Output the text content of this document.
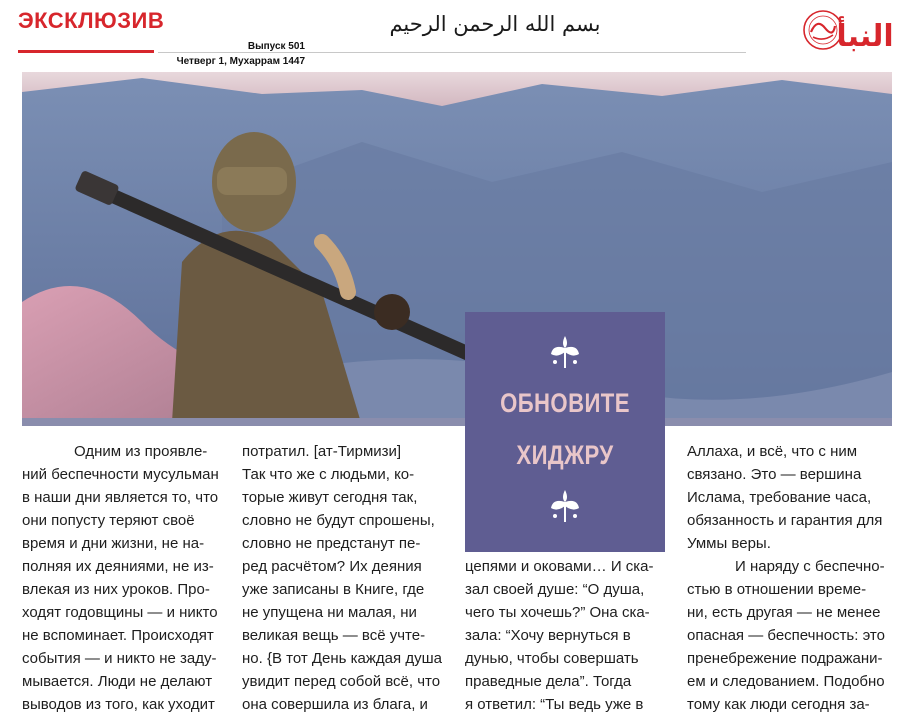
ЭКСКЛЮЗИВ
Выпуск 501
Четверг 1, Мухаррам 1447
بسم الله الرحمن الرحيم	النبأ
ОБНОВИТЕ
ХИДЖРУ
Одним из проявле-
ний беспечности мусульман
в наши дни является то, что
они попусту теряют своё
время и дни жизни, не на-
полняя их деяниями, не из-
влекая из них уроков. Про-
ходят годовщины — и никто
не вспоминает. Происходят
события — и никто не заду-
мывается. Люди не делают
выводов из того, как уходит
потратил. [ат-Тирмизи]
Так что же с людьми, ко-
торые живут сегодня так,
словно не будут спрошены,
словно не предстанут пе-
ред расчётом? Их деяния
уже записаны в Книге, где
не упущена ни малая, ни
великая вещь — всё учте-
но. {В тот День каждая душа
увидит перед собой всё, что
она совершила из блага, и
цепями и оковами… И ска-
зал своей душе: “О душа,
чего ты хочешь?” Она ска-
зала: “Хочу вернуться в
дунью, чтобы совершать
праведные дела”. Тогда
я ответил: “Ты ведь уже в
Аллаха, и всё, что с ним
связано. Это — вершина
Ислама, требование часа,
обязанность и гарантия для
Уммы веры.
И наряду с беспечно-
стью в отношении време-
ни, есть другая — не менее
опасная — беспечность: это
пренебрежение подражани-
ем и следованием. Подобно
тому как люди сегодня за-
